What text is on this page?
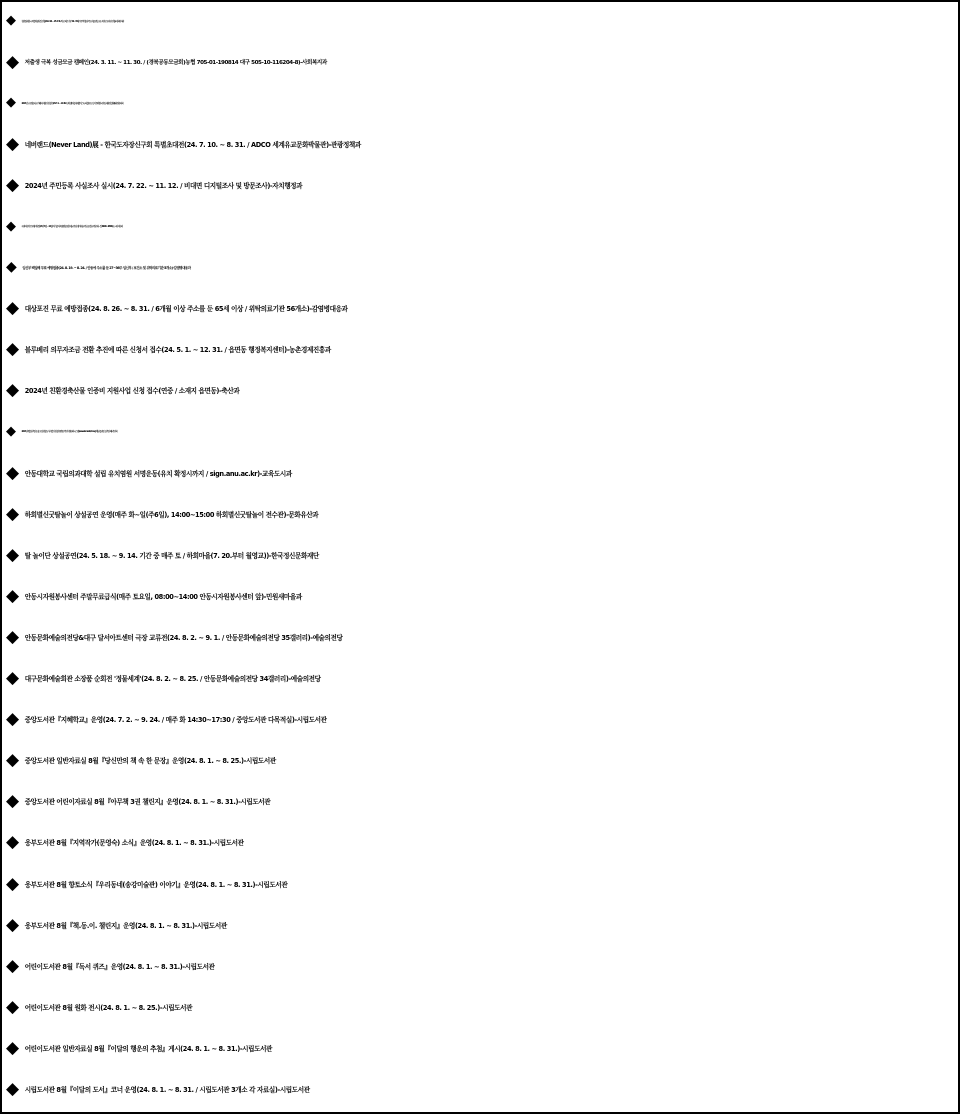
◆	청년월세 한시 특별지원사업 신청(24. 2. 26. ~ 25. 3. 31. / 부모 따로 거주 19~34세 무주택 청년 / 주소지읍면동 또는 복지로 온라인신청)-사회복지과
◆ 저출생 극복 성금모금 캠페인(24. 3. 11. ~ 11. 30. / (경북공동모금회)농협 705-01-190814 대구 505-10-116204-8)-사회복지과
◆	2024년 노후경유차 조기폐차 지원 신청 접수(24. 7. 1. ~ 11. 30. / 인터넷(자동차배출가스누리집) 또는 등기우편(한국자동차환경협회))-환경관리과
◆ 네버랜드(Never Land)展 - 한국도자장신구회 특별초대전(24. 7. 10. ~ 8. 31. / ADCO 세계유교문화박물관)-관광정책과
◆ 2024년 주민등록 사실조사 실시(24. 7. 22. ~ 11. 12. / 비대면 디지털조사 및 방문조사)-자치행정과
◆	녹색자전거 무료대여사업(24년 3월 ~ 12월 / 어가골 다목적광장, 영호대교 북단, 영가대교 북단, 용정교 북단 / 화~일 09:00~18:00)-도시디자인과
◆ 임신부 백일해 무료 예방접종(24. 8. 19. ~ 8. 24. / 안동에 주소를 둔 27~36주 임신부 / 보건소 및 위탁의료기관 5개소)-감염병대응과
◆ 대상포진 무료 예방접종(24. 8. 26. ~ 8. 31. / 6개월 이상 주소를 둔 65세 이상 / 위탁의료기관 56개소)-감염병대응과
◆ 블루베리 의무자조금 전환 추진에 따른 신청서 접수(24. 5. 1. ~ 12. 31. / 읍면동 행정복지센터)-농촌경제진흥과
◆ 2024년 친환경축산물 인증비 지원사업 신청 접수(연중 / 소재지 읍면동)-축산과
◆	2024년 깨끗한 축산농장 조성 희망농가 사업 신청 접수(연중 / 축산악취관리시스템(www.lemi.or.kr/oms/), 해당 읍면동 및 축산과)-축산과
◆ 안동대학교 국립의과대학 설립 유치염원 서명운동(유치 확정시까지 / sign.anu.ac.kr)-교육도시과
◆ 하회별신굿탈놀이 상설공연 운영(매주 화~일(주6일), 14:00~15:00 하회별신굿탈놀이 전수관)-문화유산과
◆ 탈 놀이단 상설공연(24. 5. 18. ~ 9. 14. 기간 중 매주 토 / 하회마을(7. 20.부터 월영교))-한국정신문화재단
◆ 안동시자원봉사센터 주말무료급식(매주 토요일, 08:00~14:00 안동시자원봉사센터 앞)-민원새마을과
◆ 안동문화예술의전당&대구 달서아트센터 극장 교류전(24. 8. 2. ~ 9. 1. / 안동문화예술의전당 35갤러리)-예술의전당
◆ 대구문화예술회관 소장품 순회전 '정물세계'(24. 8. 2. ~ 8. 25. / 안동문화예술의전당 34갤러리)-예술의전당
◆ 중앙도서관『지혜학교』운영(24. 7. 2. ~ 9. 24. / 매주 화 14:30~17:30 / 중앙도서관 다목적실)-시립도서관
◆ 중앙도서관 일반자료실 8월『당신만의 책 속 한 문장』운영(24. 8. 1. ~ 8. 25.)-시립도서관
◆ 중앙도서관 어린이자료실 8월『아무책 3권 챌린지』운영(24. 8. 1. ~ 8. 31.)-시립도서관
◆ 웅부도서관 8월『지역작가(문영숙) 소식』운영(24. 8. 1. ~ 8. 31.)-시립도서관
◆ 웅부도서관 8월 향토소식『우리동네(송강미술관) 이야기』운영(24. 8. 1. ~ 8. 31.)-시립도서관
◆ 웅부도서관 8월『책.동.이. 챌린지』운영(24. 8. 1. ~ 8. 31.)-시립도서관
◆ 어린이도서관 8월『독서 퀴즈』운영(24. 8. 1. ~ 8. 31.)-시립도서관
◆ 어린이도서관 8월 원화 전시(24. 8. 1. ~ 8. 25.)-시립도서관
◆ 어린이도서관 일반자료실 8월『이달의 행운의 추첨』게시(24. 8. 1. ~ 8. 31.)-시립도서관
◆ 시립도서관 8월『이달의 도서』코너 운영(24. 8. 1. ~ 8. 31. / 시립도서관 3개소 각 자료실)-시립도서관
